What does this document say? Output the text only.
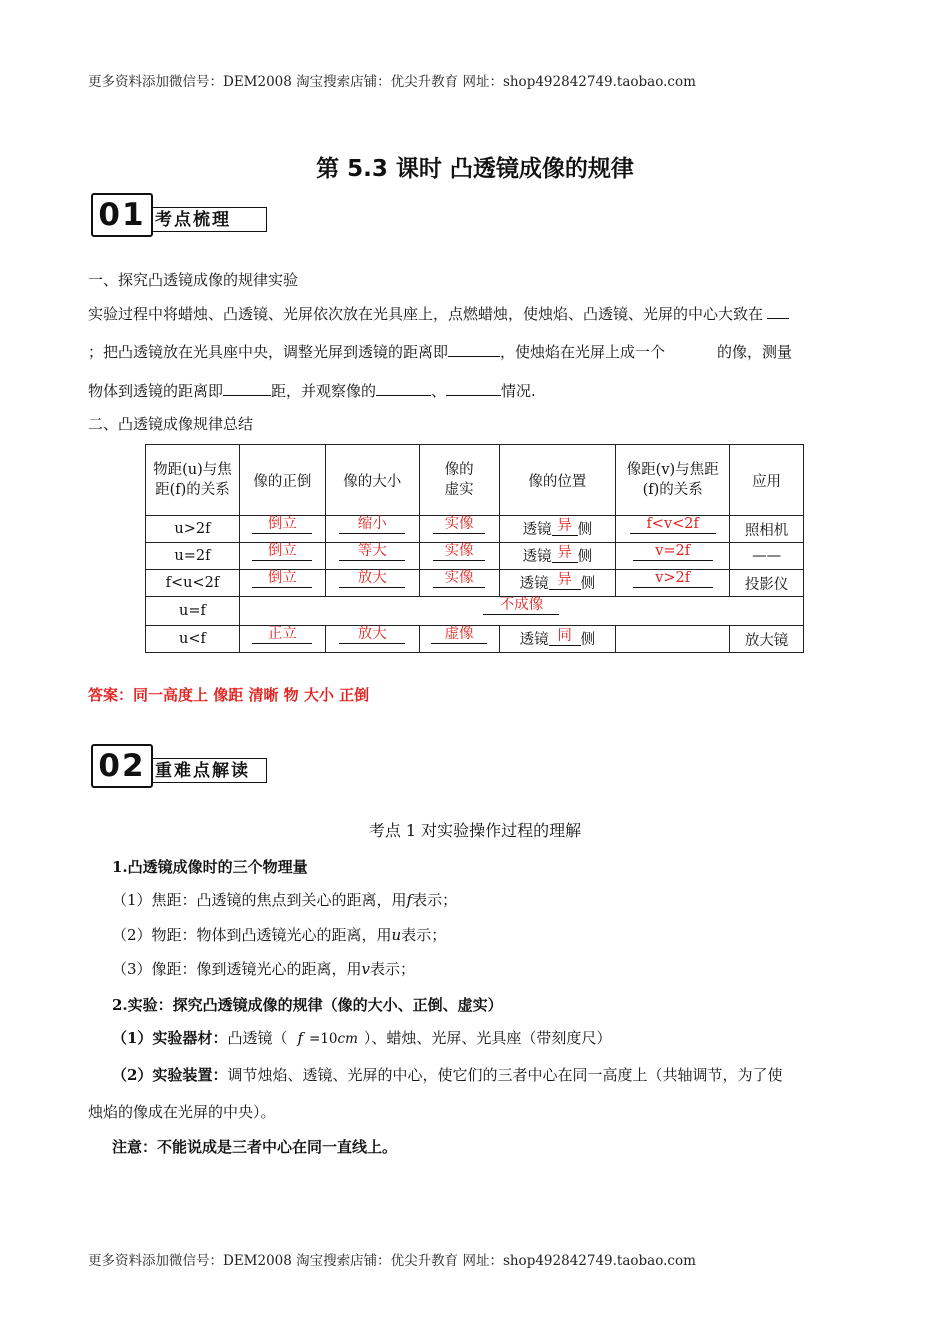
更多资料添加微信号：DEM2008 淘宝搜索店铺：优尖升教育 网址：shop492842749.taobao.com
更多资料添加微信号：DEM2008 淘宝搜索店铺：优尖升教育 网址：shop492842749.taobao.com
第 5.3 课时 凸透镜成像的规律
01 考点梳理
一、探究凸透镜成像的规律实验
实验过程中将蜡烛、凸透镜、光屏依次放在光具座上，点燃蜡烛，使烛焰、凸透镜、光屏的中心大致在
；把凸透镜放在光具座中央，调整光屏到透镜的距离即	，使烛焰在光屏上成一个	的像，测量
物体到透镜的距离即	距，并观察像的	、	情况.
二、凸透镜成像规律总结
物距(u)与焦距(f)的关系	像的正倒	像的大小	像的虚实	像的位置	像距(v)与焦距(f)的关系	应用
u>2f	倒立	缩小	实像	透镜 异 侧	f<v<2f	照相机
u=2f	倒立	等大	实像	透镜 异 侧	v=2f	——
f<u<2f	倒立	放大	实像	透镜 异 侧	v>2f	投影仪
u=f	不成像					
u<f	正立	放大	虚像	透镜 同 侧		放大镜
答案：同一高度上 像距 清晰 物 大小 正倒
02 重难点解读
考点 1 对实验操作过程的理解
1.凸透镜成像时的三个物理量
（1）焦距：凸透镜的焦点到关心的距离，用f表示；
（2）物距：物体到凸透镜光心的距离，用u表示；
（3）像距：像到透镜光心的距离，用v表示；
2.实验：探究凸透镜成像的规律（像的大小、正倒、虚实）
（1）实验器材：凸透镜（ f =10cm ）、蜡烛、光屏、光具座（带刻度尺）
（2）实验装置：调节烛焰、透镜、光屏的中心，使它们的三者中心在同一高度上（共轴调节，为了使
烛焰的像成在光屏的中央）。
注意：不能说成是三者中心在同一直线上。
